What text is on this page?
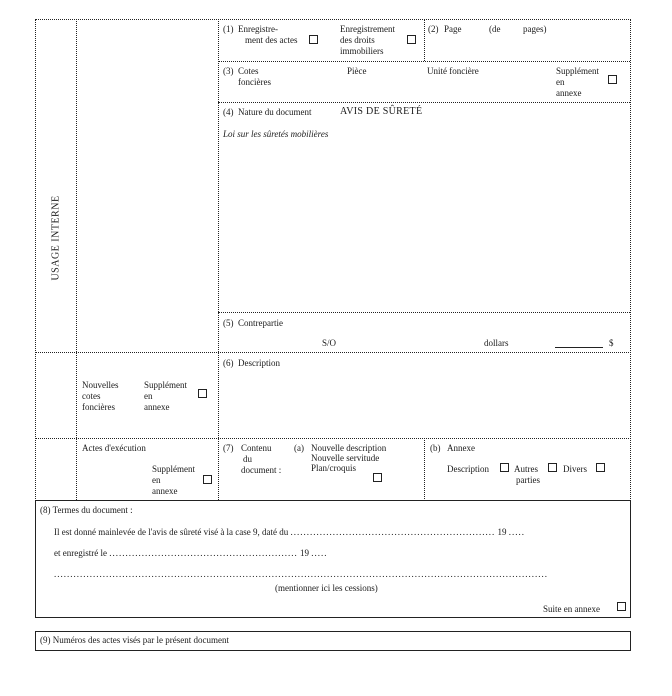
USAGE INTERNE
(1) Enregistre-
ment des actes
Enregistrement
des droits
immobiliers
(2) Page	(de	pages)
(3) Cotes
foncières
Pièce	Unité foncière	Supplément
en
annexe
(4) Nature du document	AVIS DE SÛRETÉ
Loi sur les sûretés mobilières
(5) Contrepartie
S/O	dollars	$
Nouvelles
cotes
foncières
Supplément
en
annexe
(6) Description
Actes d'exécution
Supplément
en
annexe
(7) Contenu
du
document :
(a) Nouvelle description
Nouvelle servitude
Plan/croquis
(b) Annexe
Description	Autres
parties
Divers
(8) Termes du document :
Il est donné mainlevée de l'avis de sûreté visé à la case 9, daté du ............................................................... 19 .....
et enregistré le .......................................................... 19 .....
........................................................................................................................................................
(mentionner ici les cessions)
Suite en annexe
(9) Numéros des actes visés par le présent document
